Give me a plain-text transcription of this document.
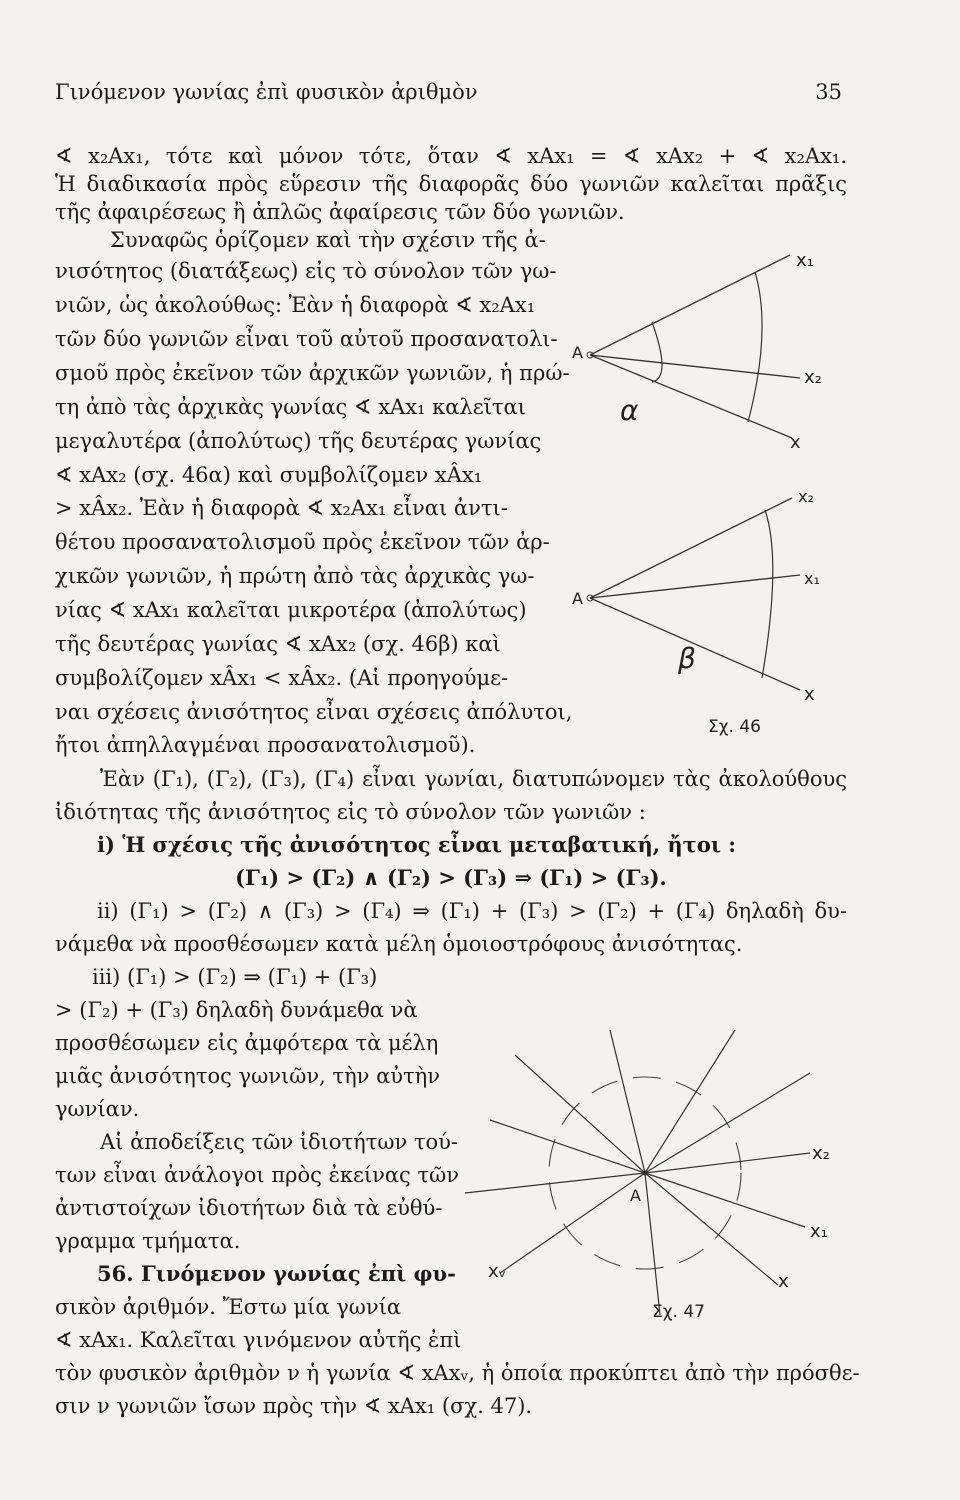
Γινόμενον γωνίας ἐπὶ φυσικὸν ἀριθμὸν	35
∢ x₂Ax₁, τότε καὶ μόνον τότε, ὅταν ∢ xAx₁ = ∢ xAx₂ + ∢ x₂Ax₁.
Ἡ διαδικασία πρὸς εὕρεσιν τῆς διαφορᾶς δύο γωνιῶν καλεῖται πρᾶξις
τῆς ἀφαιρέσεως ἢ ἁπλῶς ἀφαίρεσις τῶν δύο γωνιῶν.
Συναφῶς ὁρίζομεν καὶ τὴν σχέσιν τῆς ἀ-
νισότητος (διατάξεως) εἰς τὸ σύνολον τῶν γω-
νιῶν, ὡς ἀκολούθως: Ἐὰν ἡ διαφορὰ ∢ x₂Ax₁
τῶν δύο γωνιῶν εἶναι τοῦ αὐτοῦ προσανατολι-
σμοῦ πρὸς ἐκεῖνον τῶν ἀρχικῶν γωνιῶν, ἡ πρώ-
τη ἀπὸ τὰς ἀρχικὰς γωνίας ∢ xAx₁ καλεῖται
μεγαλυτέρα (ἀπολύτως) τῆς δευτέρας γωνίας
∢ xAx₂ (σχ. 46α) καὶ συμβολίζομεν xÂx₁
> xÂx₂. Ἐὰν ἡ διαφορὰ ∢ x₂Ax₁ εἶναι ἀντι-
θέτου προσανατολισμοῦ πρὸς ἐκεῖνον τῶν ἀρ-
χικῶν γωνιῶν, ἡ πρώτη ἀπὸ τὰς ἀρχικὰς γω-
νίας ∢ xAx₁ καλεῖται μικροτέρα (ἀπολύτως)
τῆς δευτέρας γωνίας ∢ xAx₂ (σχ. 46β) καὶ
συμβολίζομεν xÂx₁ < xÂx₂. (Αἱ προηγούμε-
ναι σχέσεις ἀνισότητος εἶναι σχέσεις ἀπόλυτοι,
ἤτοι ἀπηλλαγμέναι προσανατολισμοῦ).
Ἐὰν (Γ₁), (Γ₂), (Γ₃), (Γ₄) εἶναι γωνίαι, διατυπώνομεν τὰς ἀκολούθους
ἰδιότητας τῆς ἀνισότητος εἰς τὸ σύνολον τῶν γωνιῶν :
i) Ἡ σχέσις τῆς ἀνισότητος εἶναι μεταβατική, ἤτοι :
(Γ₁) > (Γ₂) ∧ (Γ₂) > (Γ₃) ⇒ (Γ₁) > (Γ₃).
ii) (Γ₁) > (Γ₂) ∧ (Γ₃) > (Γ₄) ⇒ (Γ₁) + (Γ₃) > (Γ₂) + (Γ₄) δηλαδὴ δυ-
νάμεθα νὰ προσθέσωμεν κατὰ μέλη ὁμοιοστρόφους ἀνισότητας.
iii) (Γ₁) > (Γ₂) ⇒ (Γ₁) + (Γ₃)
> (Γ₂) + (Γ₃) δηλαδὴ δυνάμεθα νὰ
προσθέσωμεν εἰς ἀμφότερα τὰ μέλη
μιᾶς ἀνισότητος γωνιῶν, τὴν αὐτὴν
γωνίαν.
Αἱ ἀποδείξεις τῶν ἰδιοτήτων τού-
των εἶναι ἀνάλογοι πρὸς ἐκείνας τῶν
ἀντιστοίχων ἰδιοτήτων διὰ τὰ εὐθύ-
γραμμα τμήματα.
56. Γινόμενον γωνίας ἐπὶ φυ-
σικὸν ἀριθμόν. Ἔστω μία γωνία
∢ xAx₁. Καλεῖται γινόμενον αὐτῆς ἐπὶ
τὸν φυσικὸν ἀριθμὸν ν ἡ γωνία ∢ xAxᵥ, ἡ ὁποία προκύπτει ἀπὸ τὴν πρόσθε-
σιν ν γωνιῶν ἴσων πρὸς τὴν ∢ xAx₁ (σχ. 47).
A
x₁
x₂
x
α
A
x₂
x₁
x
β
Σχ. 46
A
x₂
x₁
x
xᵥ
Σχ. 47
